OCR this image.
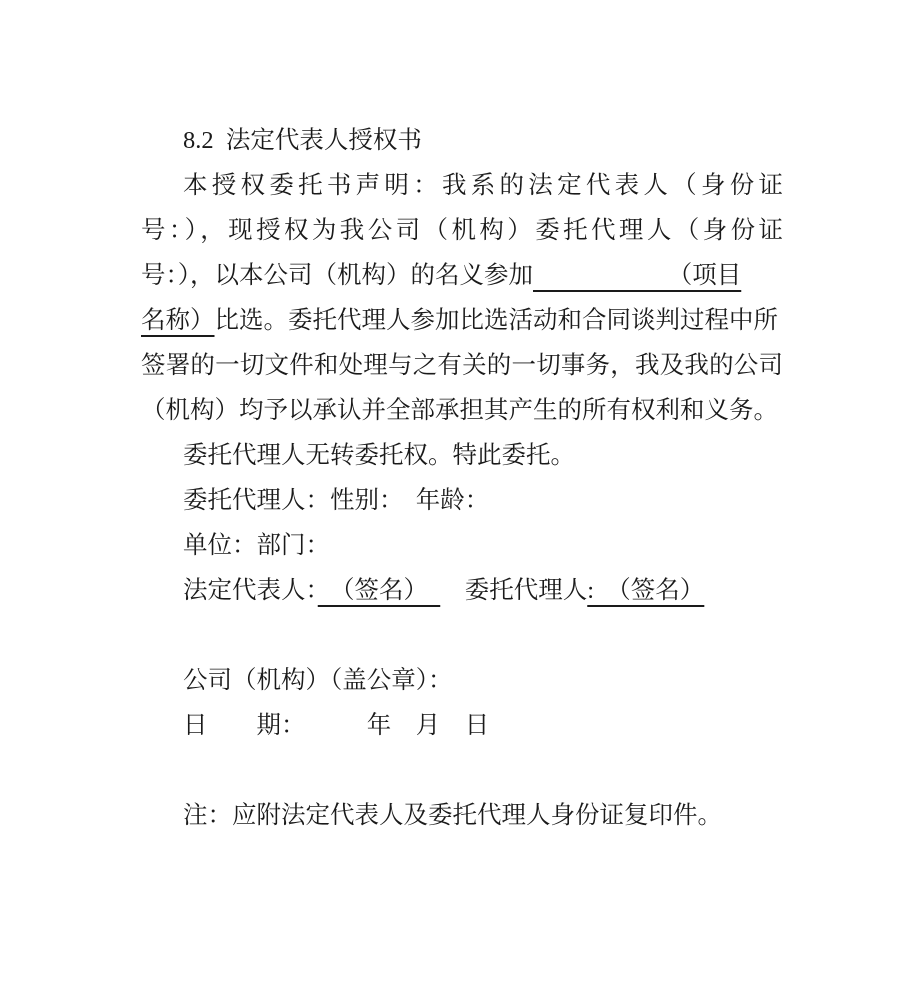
8.2  法定代表人授权书
本授权委托书声明：我系的法定代表人（身份证
号：），现授权为我公司（机构）委托代理人（身份证
号：），以本公司（机构）的名义参加　　　　　　（项目
名称）比选。委托代理人参加比选活动和合同谈判过程中所
签署的一切文件和处理与之有关的一切事务，我及我的公司
（机构）均予以承认并全部承担其产生的所有权利和义务。
委托代理人无转委托权。特此委托。
委托代理人：性别：　年龄：
单位：部门：
法定代表人：　（签名）　　委托代理人:　（签名）
公司（机构）（盖公章）：
日　　期：　　　年　月　日
注：应附法定代表人及委托代理人身份证复印件。
